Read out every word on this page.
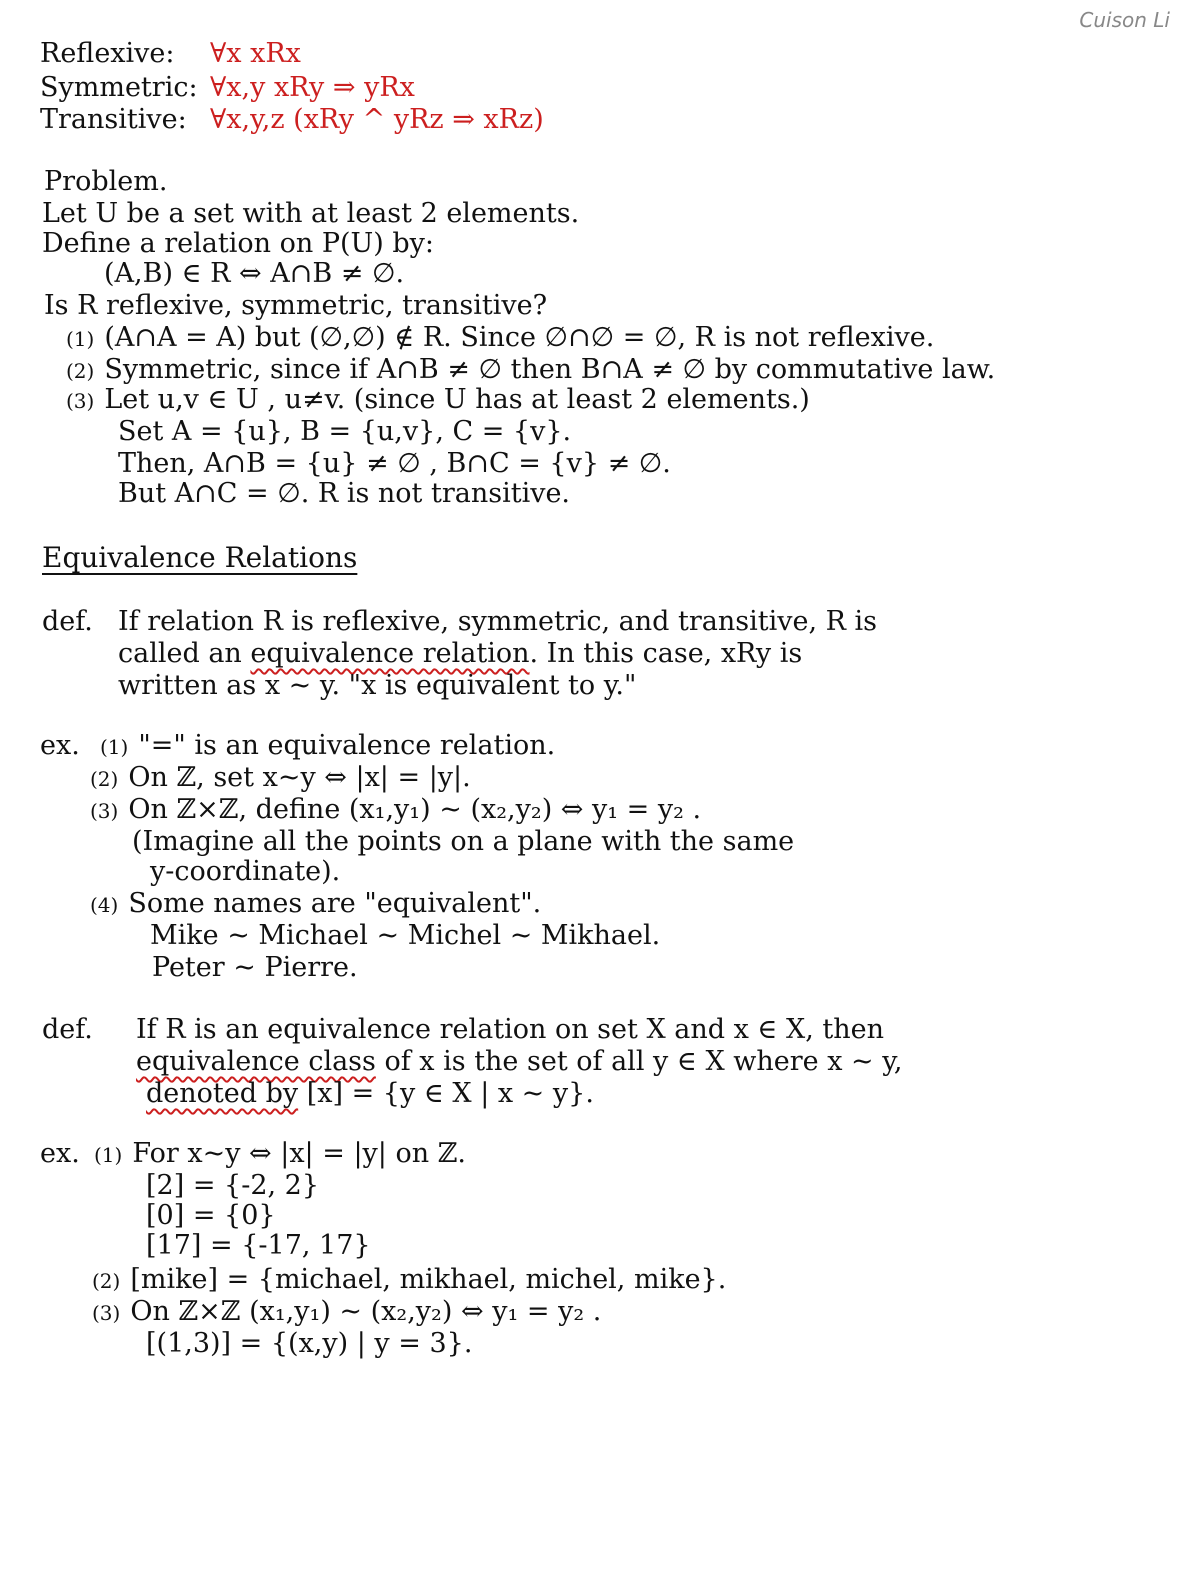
Cuison Li
Reflexive: ∀x xRx
Symmetric: ∀x,y xRy ⇒ yRx
Transitive: ∀x,y,z (xRy ^ yRz ⇒ xRz)
Problem.
Let U be a set with at least 2 elements.
Define a relation on P(U) by:
(A,B) ∈ R ⇔ A∩B ≠ ∅.
Is R reflexive, symmetric, transitive?
(1) (A∩A = A) but (∅,∅) ∉ R. Since ∅∩∅ = ∅, R is not reflexive.
(2) Symmetric, since if A∩B ≠ ∅ then B∩A ≠ ∅ by commutative law.
(3) Let u,v ∈ U , u≠v. (since U has at least 2 elements.)
Set A = {u}, B = {u,v}, C = {v}.
Then, A∩B = {u} ≠ ∅ , B∩C = {v} ≠ ∅.
But A∩C = ∅. R is not transitive.
Equivalence Relations
def. If relation R is reflexive, symmetric, and transitive, R is
called an equivalence relation. In this case, xRy is
written as x ~ y. "x is equivalent to y."
ex. (1) "=" is an equivalence relation.
(2) On ℤ, set x~y ⇔ |x| = |y|.
(3) On ℤ×ℤ, define (x₁,y₁) ~ (x₂,y₂) ⇔ y₁ = y₂ .
(Imagine all the points on a plane with the same
y-coordinate).
(4) Some names are "equivalent".
Mike ~ Michael ~ Michel ~ Mikhael.
Peter ~ Pierre.
def. If R is an equivalence relation on set X and x ∈ X, then
equivalence class of x is the set of all y ∈ X where x ~ y,
denoted by [x] = {y ∈ X | x ~ y}.
ex. (1) For x~y ⇔ |x| = |y| on ℤ.
[2] = {-2, 2}
[0] = {0}
[17] = {-17, 17}
(2) [mike] = {michael, mikhael, michel, mike}.
(3) On ℤ×ℤ (x₁,y₁) ~ (x₂,y₂) ⇔ y₁ = y₂ .
[(1,3)] = {(x,y) | y = 3}.
